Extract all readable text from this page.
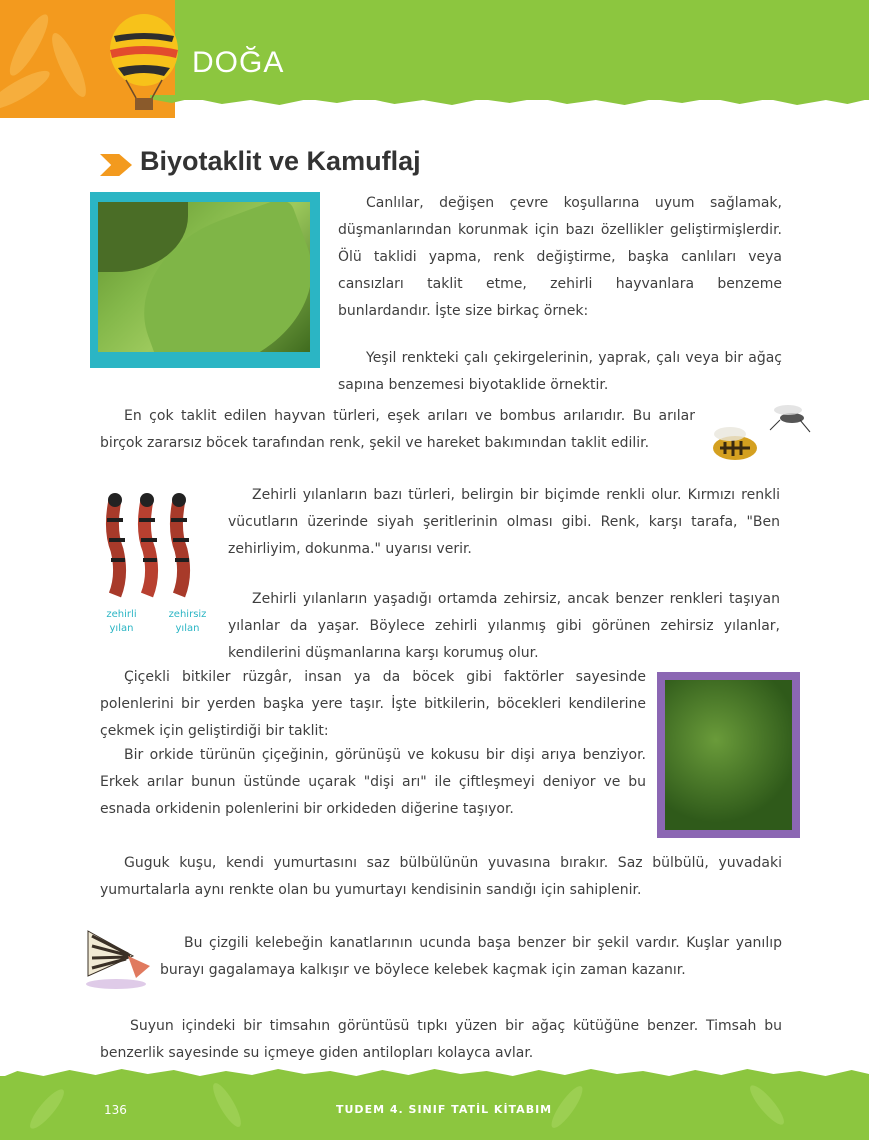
DOĞA
Biyotaklit ve Kamuflaj
Canlılar, değişen çevre koşullarına uyum sağlamak, düşmanlarından korunmak için bazı özellikler geliştirmişlerdir. Ölü taklidi yapma, renk değiştirme, başka canlıları veya cansızları taklit etme, zehirli hayvanlara benzeme bunlardandır. İşte size birkaç örnek:
Yeşil renkteki çalı çekirgelerinin, yaprak, çalı veya bir ağaç sapına benzemesi biyotaklide örnektir.
En çok taklit edilen hayvan türleri, eşek arıları ve bombus arılarıdır. Bu arılar birçok zararsız böcek tarafından renk, şekil ve hareket bakımından taklit edilir.
zehirli yılan
zehirsiz yılan
Zehirli yılanların bazı türleri, belirgin bir biçimde renkli olur. Kırmızı renkli vücutların üzerinde siyah şeritlerinin olması gibi. Renk, karşı tarafa, "Ben zehirliyim, dokunma." uyarısı verir.
Zehirli yılanların yaşadığı ortamda zehirsiz, ancak benzer renkleri taşıyan yılanlar da yaşar. Böylece zehirli yılanmış gibi görünen zehirsiz yılanlar, kendilerini düşmanlarına karşı korumuş olur.
Çiçekli bitkiler rüzgâr, insan ya da böcek gibi faktörler sayesinde polenlerini bir yerden başka yere taşır. İşte bitkilerin, böcekleri kendilerine çekmek için geliştirdiği bir taklit:
Bir orkide türünün çiçeğinin, görünüşü ve kokusu bir dişi arıya benziyor. Erkek arılar bunun üstünde uçarak "dişi arı" ile çiftleşmeyi deniyor ve bu esnada orkidenin polenlerini bir orkideden diğerine taşıyor.
Guguk kuşu, kendi yumurtasını saz bülbülünün yuvasına bırakır. Saz bülbülü, yuvadaki yumurtalarla aynı renkte olan bu yumurtayı kendisinin sandığı için sahiplenir.
Bu çizgili kelebeğin kanatlarının ucunda başa benzer bir şekil vardır. Kuşlar yanılıp burayı gagalamaya kalkışır ve böylece kelebek kaçmak için zaman kazanır.
Suyun içindeki bir timsahın görüntüsü tıpkı yüzen bir ağaç kütüğüne benzer. Timsah bu benzerlik sayesinde su içmeye giden antilopları kolayca avlar.
136	TUDEM 4. SINIF TATİL KİTABIM
